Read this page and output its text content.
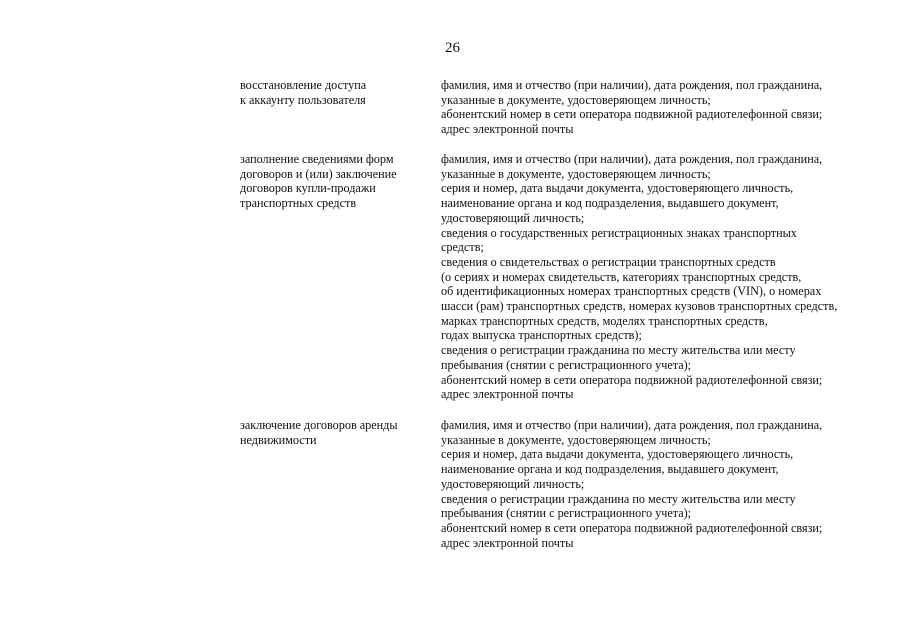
26
восстановление доступа
к аккаунту пользователя
фамилия, имя и отчество (при наличии), дата рождения, пол гражданина,
указанные в документе, удостоверяющем личность;
абонентский номер в сети оператора подвижной радиотелефонной связи;
адрес электронной почты
заполнение сведениями форм
договоров и (или) заключение
договоров купли-продажи
транспортных средств
фамилия, имя и отчество (при наличии), дата рождения, пол гражданина,
указанные в документе, удостоверяющем личность;
серия и номер, дата выдачи документа, удостоверяющего личность,
наименование органа и код подразделения, выдавшего документ,
удостоверяющий личность;
сведения о государственных регистрационных знаках транспортных
средств;
сведения о свидетельствах о регистрации транспортных средств
(о сериях и номерах свидетельств, категориях транспортных средств,
об идентификационных номерах транспортных средств (VIN), о номерах
шасси (рам) транспортных средств, номерах кузовов транспортных средств,
марках транспортных средств, моделях транспортных средств,
годах выпуска транспортных средств);
сведения о регистрации гражданина по месту жительства или месту
пребывания (снятии с регистрационного учета);
абонентский номер в сети оператора подвижной радиотелефонной связи;
адрес электронной почты
заключение договоров аренды
недвижимости
фамилия, имя и отчество (при наличии), дата рождения, пол гражданина,
указанные в документе, удостоверяющем личность;
серия и номер, дата выдачи документа, удостоверяющего личность,
наименование органа и код подразделения, выдавшего документ,
удостоверяющий личность;
сведения о регистрации гражданина по месту жительства или месту
пребывания (снятии с регистрационного учета);
абонентский номер в сети оператора подвижной радиотелефонной связи;
адрес электронной почты
